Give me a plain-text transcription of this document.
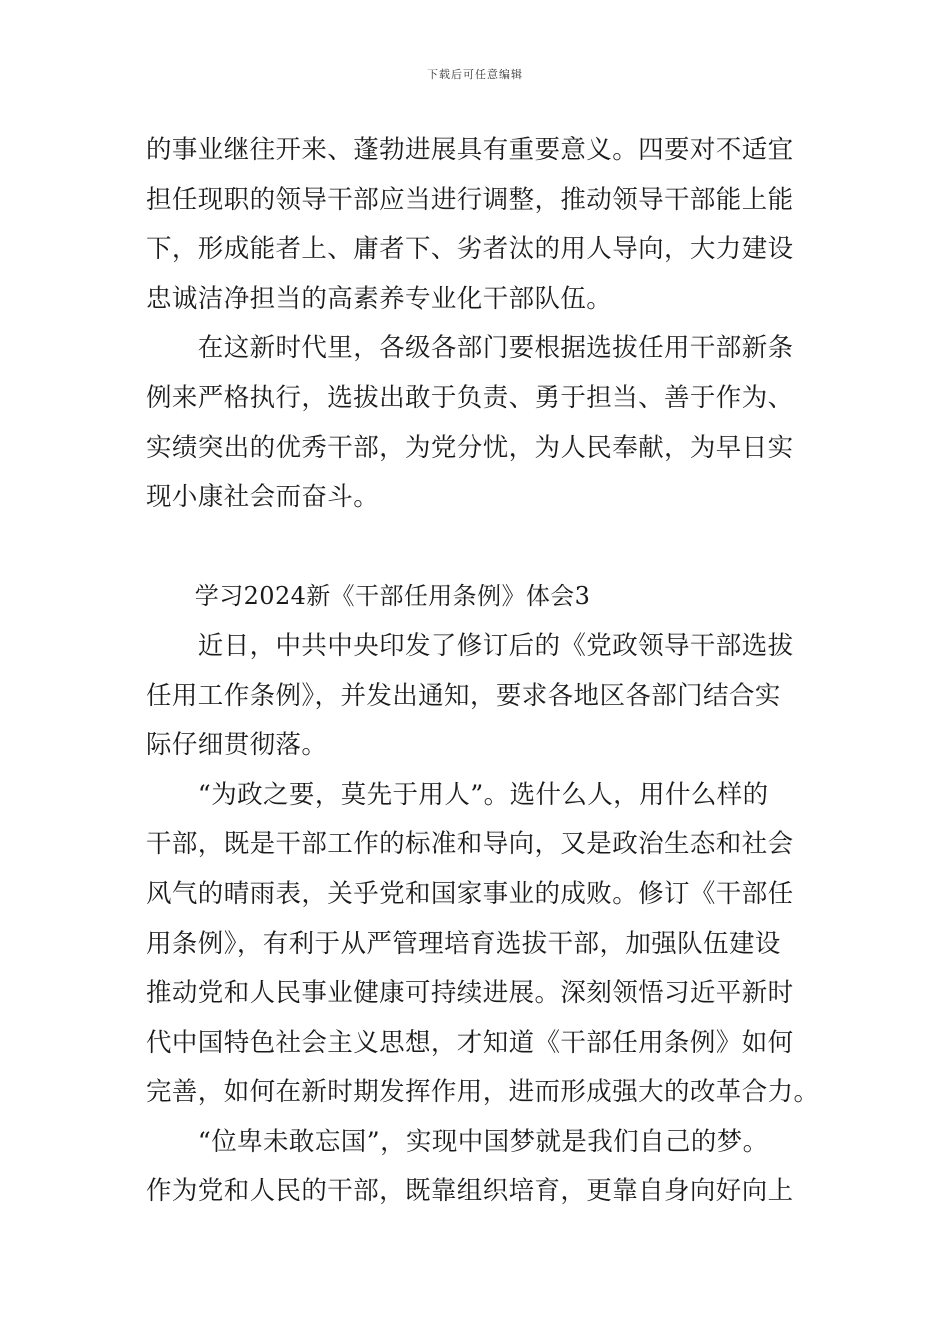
下载后可任意编辑
的事业继往开来、蓬勃进展具有重要意义。四要对不适宜
担任现职的领导干部应当进行调整，推动领导干部能上能
下，形成能者上、庸者下、劣者汰的用人导向，大力建设
忠诚洁净担当的高素养专业化干部队伍。
　　在这新时代里，各级各部门要根据选拔任用干部新条
例来严格执行，选拔出敢于负责、勇于担当、善于作为、
实绩突出的优秀干部，为党分忧，为人民奉献，为早日实
现小康社会而奋斗。
　　学习2024新《干部任用条例》体会3
　　近日，中共中央印发了修订后的《党政领导干部选拔
任用工作条例》，并发出通知，要求各地区各部门结合实
际仔细贯彻落。
　　“为政之要，莫先于用人”。选什么人，用什么样的
干部，既是干部工作的标准和导向，又是政治生态和社会
风气的晴雨表，关乎党和国家事业的成败。修订《干部任
用条例》，有利于从严管理培育选拔干部，加强队伍建设
推动党和人民事业健康可持续进展。深刻领悟习近平新时
代中国特色社会主义思想，才知道《干部任用条例》如何
完善，如何在新时期发挥作用，进而形成强大的改革合力。
　　“位卑未敢忘国”，实现中国梦就是我们自己的梦。
作为党和人民的干部，既靠组织培育，更靠自身向好向上
